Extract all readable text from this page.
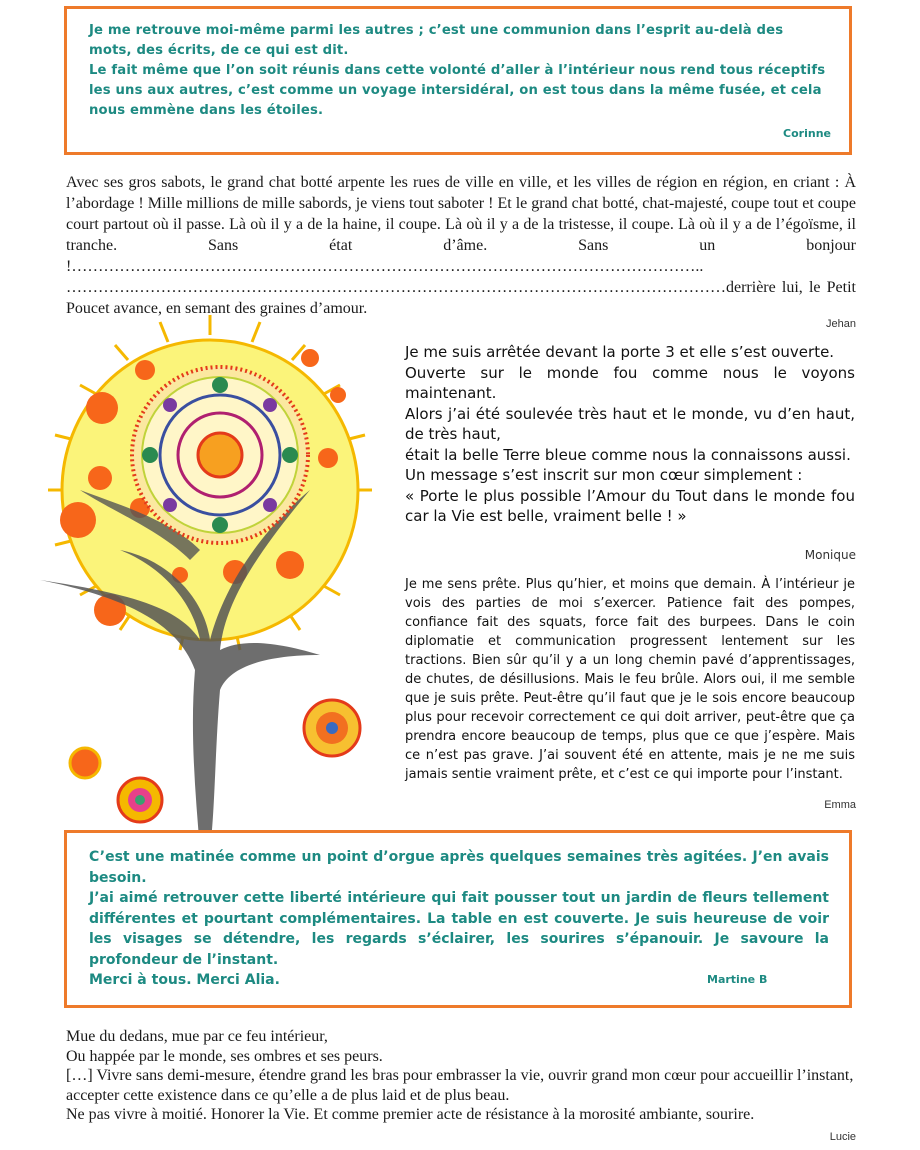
Je me retrouve moi-même parmi les autres ; c’est une communion dans l’esprit au-delà des mots, des écrits, de ce qui est dit.

Le fait même que l’on soit réunis dans cette volonté d’aller à l’intérieur nous rend tous réceptifs les uns aux autres, c’est comme un voyage intersidéral, on est tous dans la même fusée, et cela nous emmène dans les étoiles.

Corinne
Avec ses gros sabots, le grand chat botté arpente les rues de ville en ville, et les villes de région en région, en criant : À l’abordage ! Mille millions de mille sabords, je viens tout saboter ! Et le grand chat botté, chat-majesté, coupe tout et coupe court partout où il passe. Là où il y a de la haine, il coupe. Là où il y a de la tristesse, il coupe. Là où il y a de l’égoïsme, il tranche. Sans état d’âme. Sans un bonjour !……………………………………………………………………………………………………….. ………….…………………………………………………………………………………………………derrière lui, le Petit Poucet avance, en semant des graines d’amour.
Jehan

Je me suis arrêtée devant la porte 3 et elle s’est ouverte.

Ouverte sur le monde fou comme nous le voyons maintenant.

Alors j’ai été soulevée très haut et le monde, vu d’en haut, de très haut,

était la belle Terre bleue comme nous la connaissons aussi.

Un message s’est inscrit sur mon cœur simplement :

« Porte le plus possible l’Amour du Tout dans le monde fou car la Vie est belle, vraiment belle ! »

Monique
Je me sens prête. Plus qu’hier, et moins que demain. À l’intérieur je vois des parties de moi s’exercer. Patience fait des pompes, confiance fait des squats, force fait des burpees. Dans le coin diplomatie et communication progressent lentement sur les tractions. Bien sûr qu’il y a un long chemin pavé d’apprentissages, de chutes, de désillusions. Mais le feu brûle. Alors oui, il me semble que je suis prête. Peut-être qu’il faut que je le sois encore beaucoup plus pour recevoir correctement ce qui doit arriver, peut-être que ça prendra encore beaucoup de temps, plus que ce que j’espère. Mais ce n’est pas grave. J’ai souvent été en attente, mais je ne me suis jamais sentie vraiment prête, et c’est ce qui importe pour l’instant.
Emma

C’est une matinée comme un point d’orgue après quelques semaines très agitées. J’en avais besoin.

J’ai aimé retrouver cette liberté intérieure qui fait pousser tout un jardin de fleurs tellement différentes et pourtant complémentaires. La table en est couverte. Je suis heureuse de voir les visages se détendre, les regards s’éclairer, les sourires s’épanouir. Je savoure la profondeur de l’instant.

Merci à tous. Merci Alia.	Martine B

Mue du dedans, mue par ce feu intérieur,

Ou happée par le monde, ses ombres et ses peurs.

[…] Vivre sans demi-mesure, étendre grand les bras pour embrasser la vie, ouvrir grand mon cœur pour accueillir l’instant, accepter cette existence dans ce qu’elle a de plus laid et de plus beau.

Ne pas vivre à moitié. Honorer la Vie. Et comme premier acte de résistance à la morosité ambiante, sourire.

Lucie
